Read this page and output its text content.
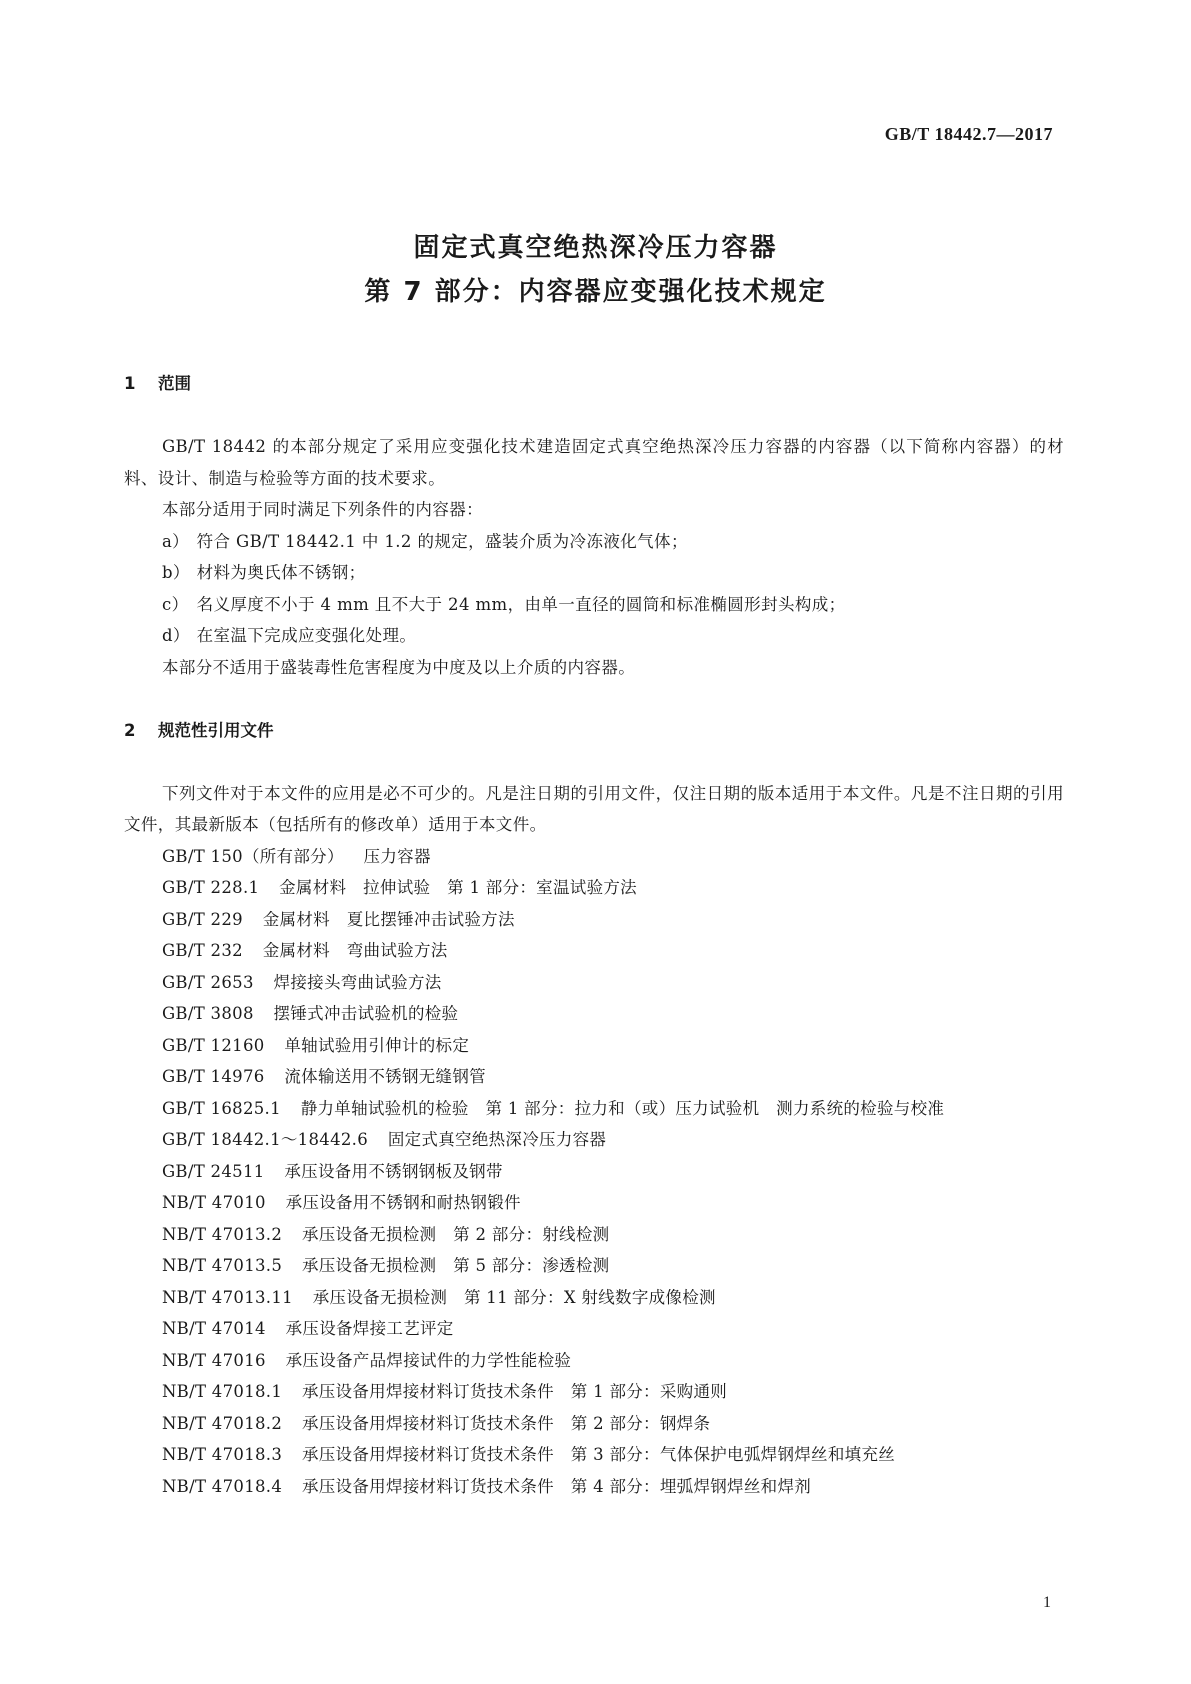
GB/T 18442.7—2017
固定式真空绝热深冷压力容器
第 7 部分：内容器应变强化技术规定
1 范围
GB/T 18442 的本部分规定了采用应变强化技术建造固定式真空绝热深冷压力容器的内容器（以下简称内容器）的材料、设计、制造与检验等方面的技术要求。
本部分适用于同时满足下列条件的内容器：
a） 符合 GB/T 18442.1 中 1.2 的规定，盛装介质为冷冻液化气体；
b） 材料为奥氏体不锈钢；
c） 名义厚度不小于 4 mm 且不大于 24 mm，由单一直径的圆筒和标准椭圆形封头构成；
d） 在室温下完成应变强化处理。
本部分不适用于盛装毒性危害程度为中度及以上介质的内容器。
2 规范性引用文件
下列文件对于本文件的应用是必不可少的。凡是注日期的引用文件，仅注日期的版本适用于本文件。凡是不注日期的引用文件，其最新版本（包括所有的修改单）适用于本文件。
GB/T 150（所有部分） 压力容器
GB/T 228.1 金属材料　拉伸试验　第 1 部分：室温试验方法
GB/T 229 金属材料　夏比摆锤冲击试验方法
GB/T 232 金属材料　弯曲试验方法
GB/T 2653 焊接接头弯曲试验方法
GB/T 3808 摆锤式冲击试验机的检验
GB/T 12160 单轴试验用引伸计的标定
GB/T 14976 流体输送用不锈钢无缝钢管
GB/T 16825.1 静力单轴试验机的检验　第 1 部分：拉力和（或）压力试验机　测力系统的检验与校准
GB/T 18442.1～18442.6 固定式真空绝热深冷压力容器
GB/T 24511 承压设备用不锈钢钢板及钢带
NB/T 47010 承压设备用不锈钢和耐热钢锻件
NB/T 47013.2 承压设备无损检测　第 2 部分：射线检测
NB/T 47013.5 承压设备无损检测　第 5 部分：渗透检测
NB/T 47013.11 承压设备无损检测　第 11 部分：X 射线数字成像检测
NB/T 47014 承压设备焊接工艺评定
NB/T 47016 承压设备产品焊接试件的力学性能检验
NB/T 47018.1 承压设备用焊接材料订货技术条件　第 1 部分：采购通则
NB/T 47018.2 承压设备用焊接材料订货技术条件　第 2 部分：钢焊条
NB/T 47018.3 承压设备用焊接材料订货技术条件　第 3 部分：气体保护电弧焊钢焊丝和填充丝
NB/T 47018.4 承压设备用焊接材料订货技术条件　第 4 部分：埋弧焊钢焊丝和焊剂
1
